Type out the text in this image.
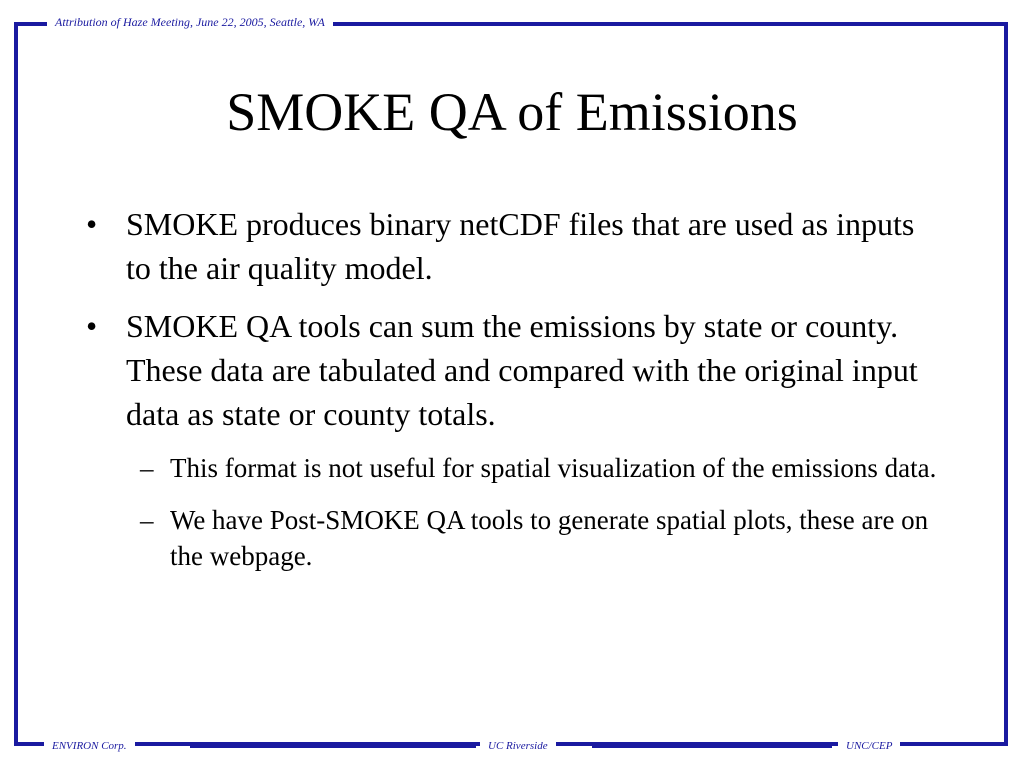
Attribution of Haze Meeting, June 22, 2005, Seattle, WA
ENVIRON Corp.	UC Riverside	UNC/CEP
SMOKE QA of Emissions
• SMOKE produces binary netCDF files that are used as inputs to the air quality model.
• SMOKE QA tools can sum the emissions by state or county. These data are tabulated and compared with the original input data as state or county totals.
– This format is not useful for spatial visualization of the emissions data.
– We have Post-SMOKE QA tools to generate spatial plots, these are on the webpage.
